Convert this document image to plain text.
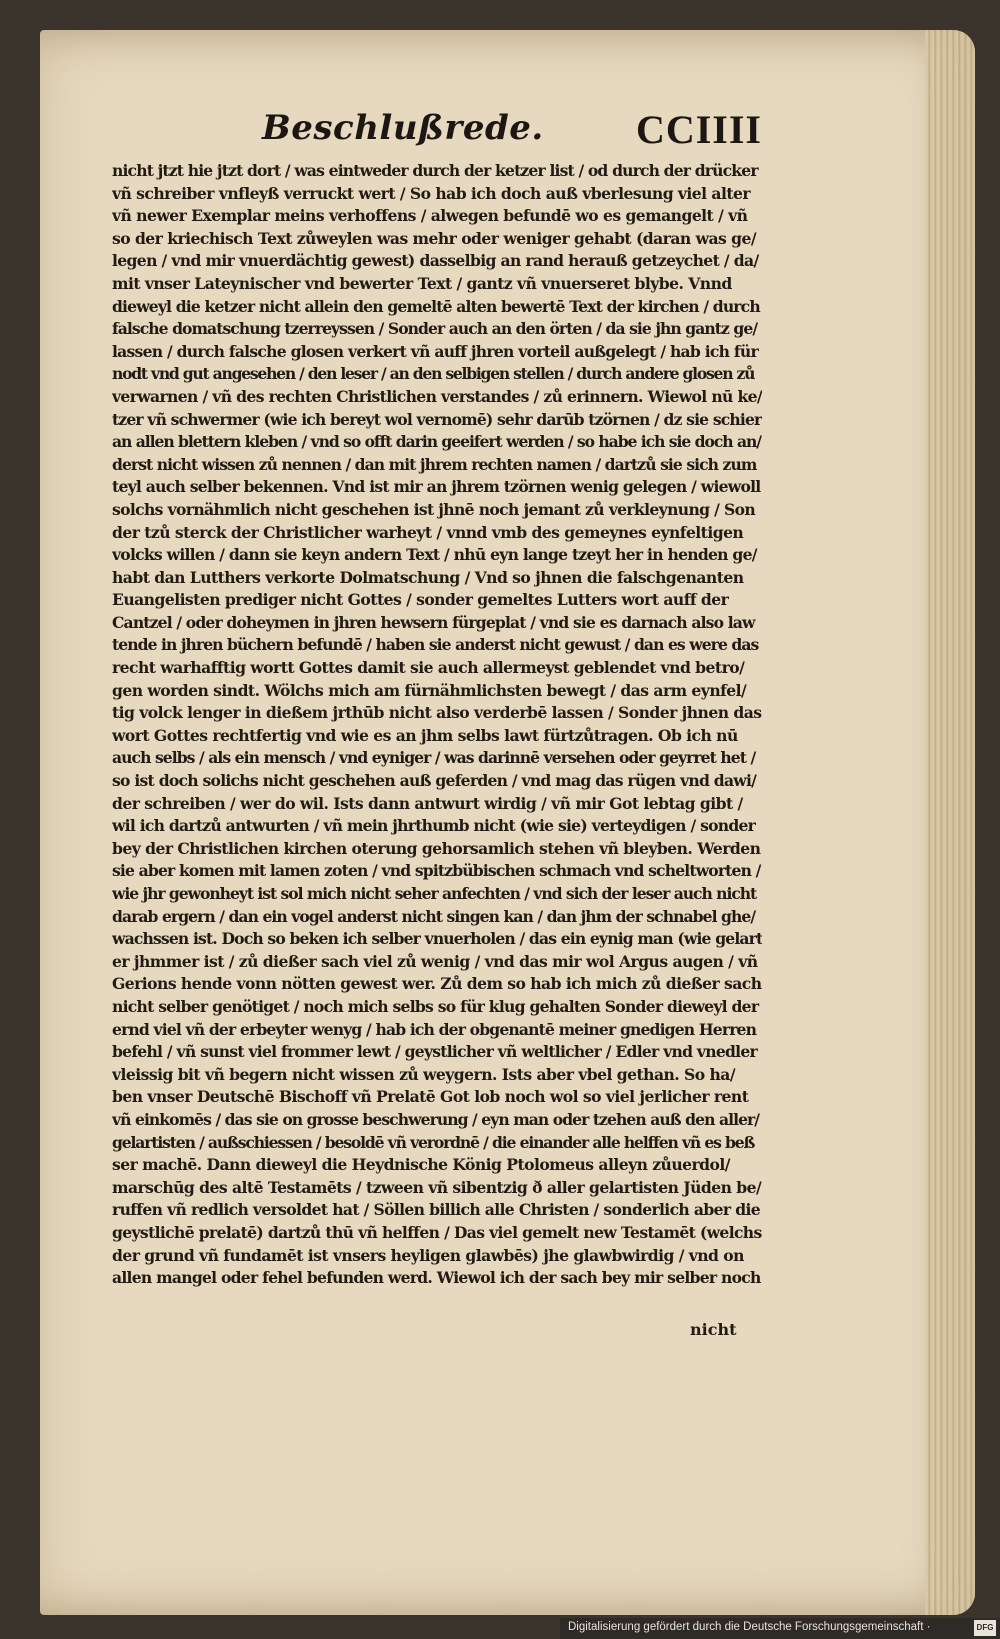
Beschlußrede. CCIIII
nicht jtzt hie jtzt dort / was eintweder durch der ketzer list / od durch der drücker
vñ schreiber vnfleyß verruckt wert / So hab ich doch auß vberlesung viel alter
vñ newer Exemplar meins verhoffens / alwegen befundē wo es gemangelt / vñ
so der kriechisch Text zůweylen was mehr oder weniger gehabt (daran was ge/
legen / vnd mir vnuerdächtig gewest) dasselbig an rand herauß getzeychet / da/
mit vnser Lateynischer vnd bewerter Text / gantz vñ vnuerseret blybe. Vnnd
dieweyl die ketzer nicht allein den gemeltē alten bewertē Text der kirchen / durch
falsche domatschung tzerreyssen / Sonder auch an den örten / da sie jhn gantz ge/
lassen / durch falsche glosen verkert vñ auff jhren vorteil außgelegt / hab ich für
nodt vnd gut angesehen / den leser / an den selbigen stellen / durch andere glosen zů
verwarnen / vñ des rechten Christlichen verstandes / zů erinnern. Wiewol nū ke/
tzer vñ schwermer (wie ich bereyt wol vernomē) sehr darūb tzörnen / dz sie schier
an allen blettern kleben / vnd so offt darin geeifert werden / so habe ich sie doch an/
derst nicht wissen zů nennen / dan mit jhrem rechten namen / dartzů sie sich zum
teyl auch selber bekennen. Vnd ist mir an jhrem tzörnen wenig gelegen / wiewoll
solchs vornähmlich nicht geschehen ist jhnē noch jemant zů verkleynung / Son
der tzů sterck der Christlicher warheyt / vnnd vmb des gemeynes eynfeltigen
volcks willen / dann sie keyn andern Text / nhū eyn lange tzeyt her in henden ge/
habt dan Lutthers verkorte Dolmatschung / Vnd so jhnen die falschgenanten
Euangelisten prediger nicht Gottes / sonder gemeltes Lutters wort auff der
Cantzel / oder doheymen in jhren hewsern fürgeplat / vnd sie es darnach also law
tende in jhren büchern befundē / haben sie anderst nicht gewust / dan es were das
recht warhafftig wortt Gottes damit sie auch allermeyst geblendet vnd betro/
gen worden sindt. Wölchs mich am fürnähmlichsten bewegt / das arm eynfel/
tig volck lenger in dießem jrthūb nicht also verderbē lassen / Sonder jhnen das
wort Gottes rechtfertig vnd wie es an jhm selbs lawt fürtzůtragen. Ob ich nū
auch selbs / als ein mensch / vnd eyniger / was darinnē versehen oder geyrret het /
so ist doch solichs nicht geschehen auß geferden / vnd mag das rügen vnd dawi/
der schreiben / wer do wil. Ists dann antwurt wirdig / vñ mir Got lebtag gibt /
wil ich dartzů antwurten / vñ mein jhrthumb nicht (wie sie) verteydigen / sonder
bey der Christlichen kirchen oterung gehorsamlich stehen vñ bleyben. Werden
sie aber komen mit lamen zoten / vnd spitzbübischen schmach vnd scheltworten /
wie jhr gewonheyt ist sol mich nicht seher anfechten / vnd sich der leser auch nicht
darab ergern / dan ein vogel anderst nicht singen kan / dan jhm der schnabel ghe/
wachssen ist. Doch so beken ich selber vnuerholen / das ein eynig man (wie gelart
er jhmmer ist / zů dießer sach viel zů wenig / vnd das mir wol Argus augen / vñ
Gerions hende vonn nötten gewest wer. Zů dem so hab ich mich zů dießer sach
nicht selber genötiget / noch mich selbs so für klug gehalten Sonder dieweyl der
ernd viel vñ der erbeyter wenyg / hab ich der obgenantē meiner gnedigen Herren
befehl / vñ sunst viel frommer lewt / geystlicher vñ weltlicher / Edler vnd vnedler
vleissig bit vñ begern nicht wissen zů weygern. Ists aber vbel gethan. So ha/
ben vnser Deutschē Bischoff vñ Prelatē Got lob noch wol so viel jerlicher rent
vñ einkomēs / das sie on grosse beschwerung / eyn man oder tzehen auß den aller/
gelartisten / außschiessen / besoldē vñ verordnē / die einander alle helffen vñ es beß
ser machē. Dann dieweyl die Heydnische König Ptolomeus alleyn zůuerdol/
marschūg des altē Testamēts / tzween vñ sibentzig ð aller gelartisten Jüden be/
ruffen vñ redlich versoldet hat / Söllen billich alle Christen / sonderlich aber die
geystlichē prelatē) dartzů thū vñ helffen / Das viel gemelt new Testamēt (welchs
der grund vñ fundamēt ist vnsers heyligen glawbēs) jhe glawbwirdig / vnd on
allen mangel oder fehel befunden werd. Wiewol ich der sach bey mir selber noch
nicht
Digitalisierung gefördert durch die Deutsche Forschungsgemeinschaft ·	DFG
